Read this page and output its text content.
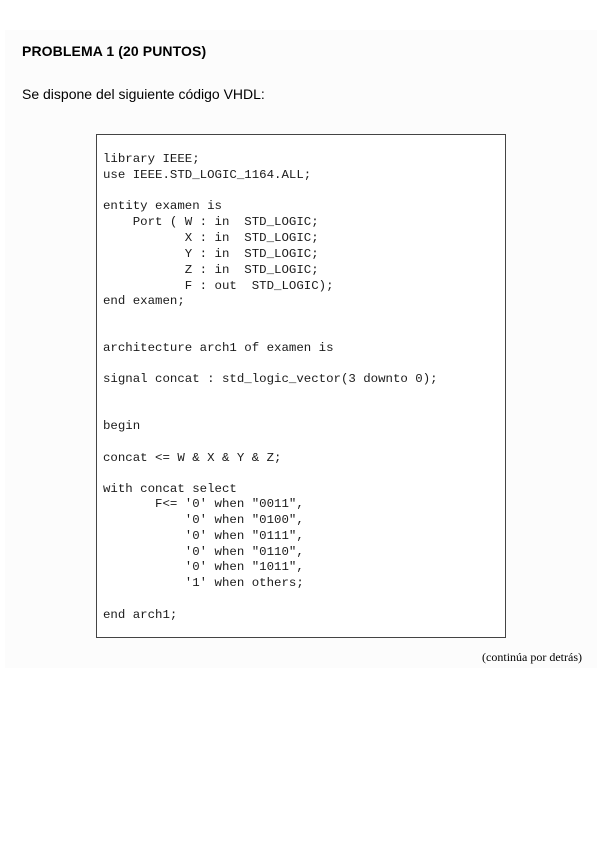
PROBLEMA 1 (20 PUNTOS)

Se dispone del siguiente código VHDL:

library IEEE;
use IEEE.STD_LOGIC_1164.ALL;
entity examen is
Port ( W : in  STD_LOGIC;
X : in  STD_LOGIC;
Y : in  STD_LOGIC;
Z : in  STD_LOGIC;
F : out  STD_LOGIC);
end examen;
architecture arch1 of examen is
signal concat : std_logic_vector(3 downto 0);
begin
concat <= W & X & Y & Z;
with concat select
F<= '0' when "0011",
'0' when "0100",
'0' when "0111",
'0' when "0110",
'0' when "1011",
'1' when others;
end arch1;

(continúa por detrás)
